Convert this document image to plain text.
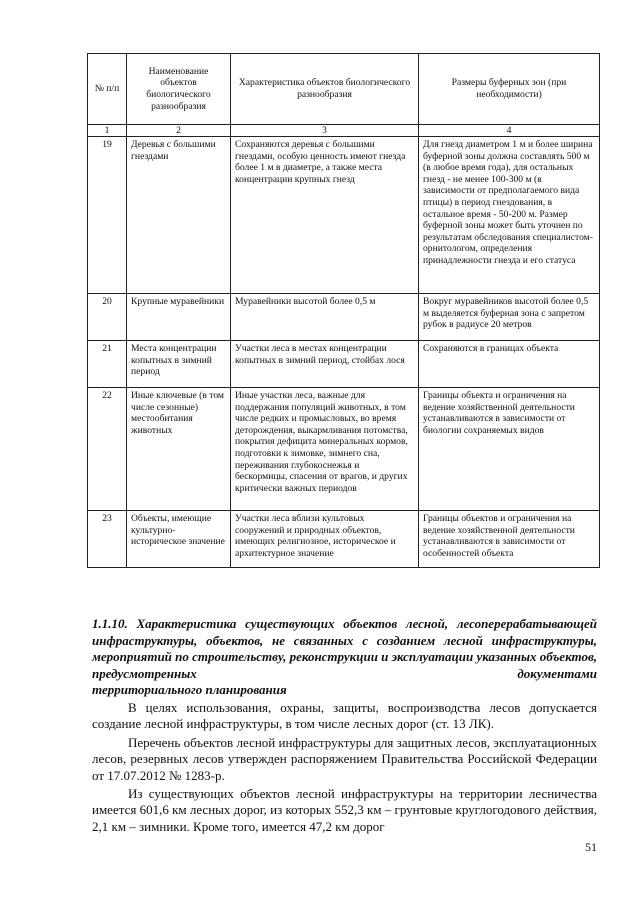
№ п/п	Наименование объектов биологического разнообразия	Характеристика объектов биологического разнообразия	Размеры буферных зон (при необходимости)
1	2	3	4
19	Деревья с большими гнездами	Сохраняются деревья с большими гнездами, особую ценность имеют гнезда более 1 м в диаметре, а также места концентрации крупных гнезд	Для гнезд диаметром 1 м и более ширина буферной зоны должна составлять 500 м (в любое время года), для остальных гнезд - не менее 100-300 м (в зависимости от предполагаемого вида птицы) в период гнездования, в остальное время - 50-200 м. Размер буферной зоны может быть уточнен по результатам обследования специалистом- орнитологом, определения принадлежности гнезда и его статуса
20	Крупные муравейники	Муравейники высотой более 0,5 м	Вокруг муравейников высотой более 0,5 м выделяется буферная зона с запретом рубок в радиусе 20 метров
21	Места концентрации копытных в зимний период	Участки леса в местах концентрации копытных в зимний период, стойбах лося	Сохраняются в границах объекта
22	Иные ключевые (в том числе сезонные) местообитания животных	Иные участки леса, важные для поддержания популяций животных, в том числе редких и промысловых, во время деторождения, выкармливания потомства, покрытия дефицита минеральных кормов, подготовки к зимовке, зимнего сна, переживания глубокоснежья и бескормицы, спасения от врагов, и других критически важных периодов	Границы объекта и ограничения на ведение хозяйственной деятельности устанавливаются в зависимости от биологии сохраняемых видов
23	Объекты, имеющие культурно-историческое значение	Участки леса вблизи культовых сооружений и природных объектов, имеющих религиозное, историческое и архитектурное значение	Границы объектов и ограничения на ведение хозяйственной деятельности устанавливаются в зависимости от особенностей объекта
1.1.10. Характеристика существующих объектов лесной, лесоперерабатывающей инфраструктуры, объектов, не связанных с созданием лесной инфраструктуры, мероприятий по строительству, реконструкции и эксплуатации указанных объектов, предусмотренных документами
территориального планирования

В целях использования, охраны, защиты, воспроизводства лесов допускается создание лесной инфраструктуры, в том числе лесных дорог (ст. 13 ЛК).

Перечень объектов лесной инфраструктуры для защитных лесов, эксплуатационных лесов, резервных лесов утвержден распоряжением Правительства Российской Федерации от 17.07.2012 № 1283-р.

Из существующих объектов лесной инфраструктуры на территории лесничества имеется 601,6 км лесных дорог, из которых 552,3 км – грунтовые круглогодового действия, 2,1 км – зимники. Кроме того, имеется 47,2 км дорог

51
